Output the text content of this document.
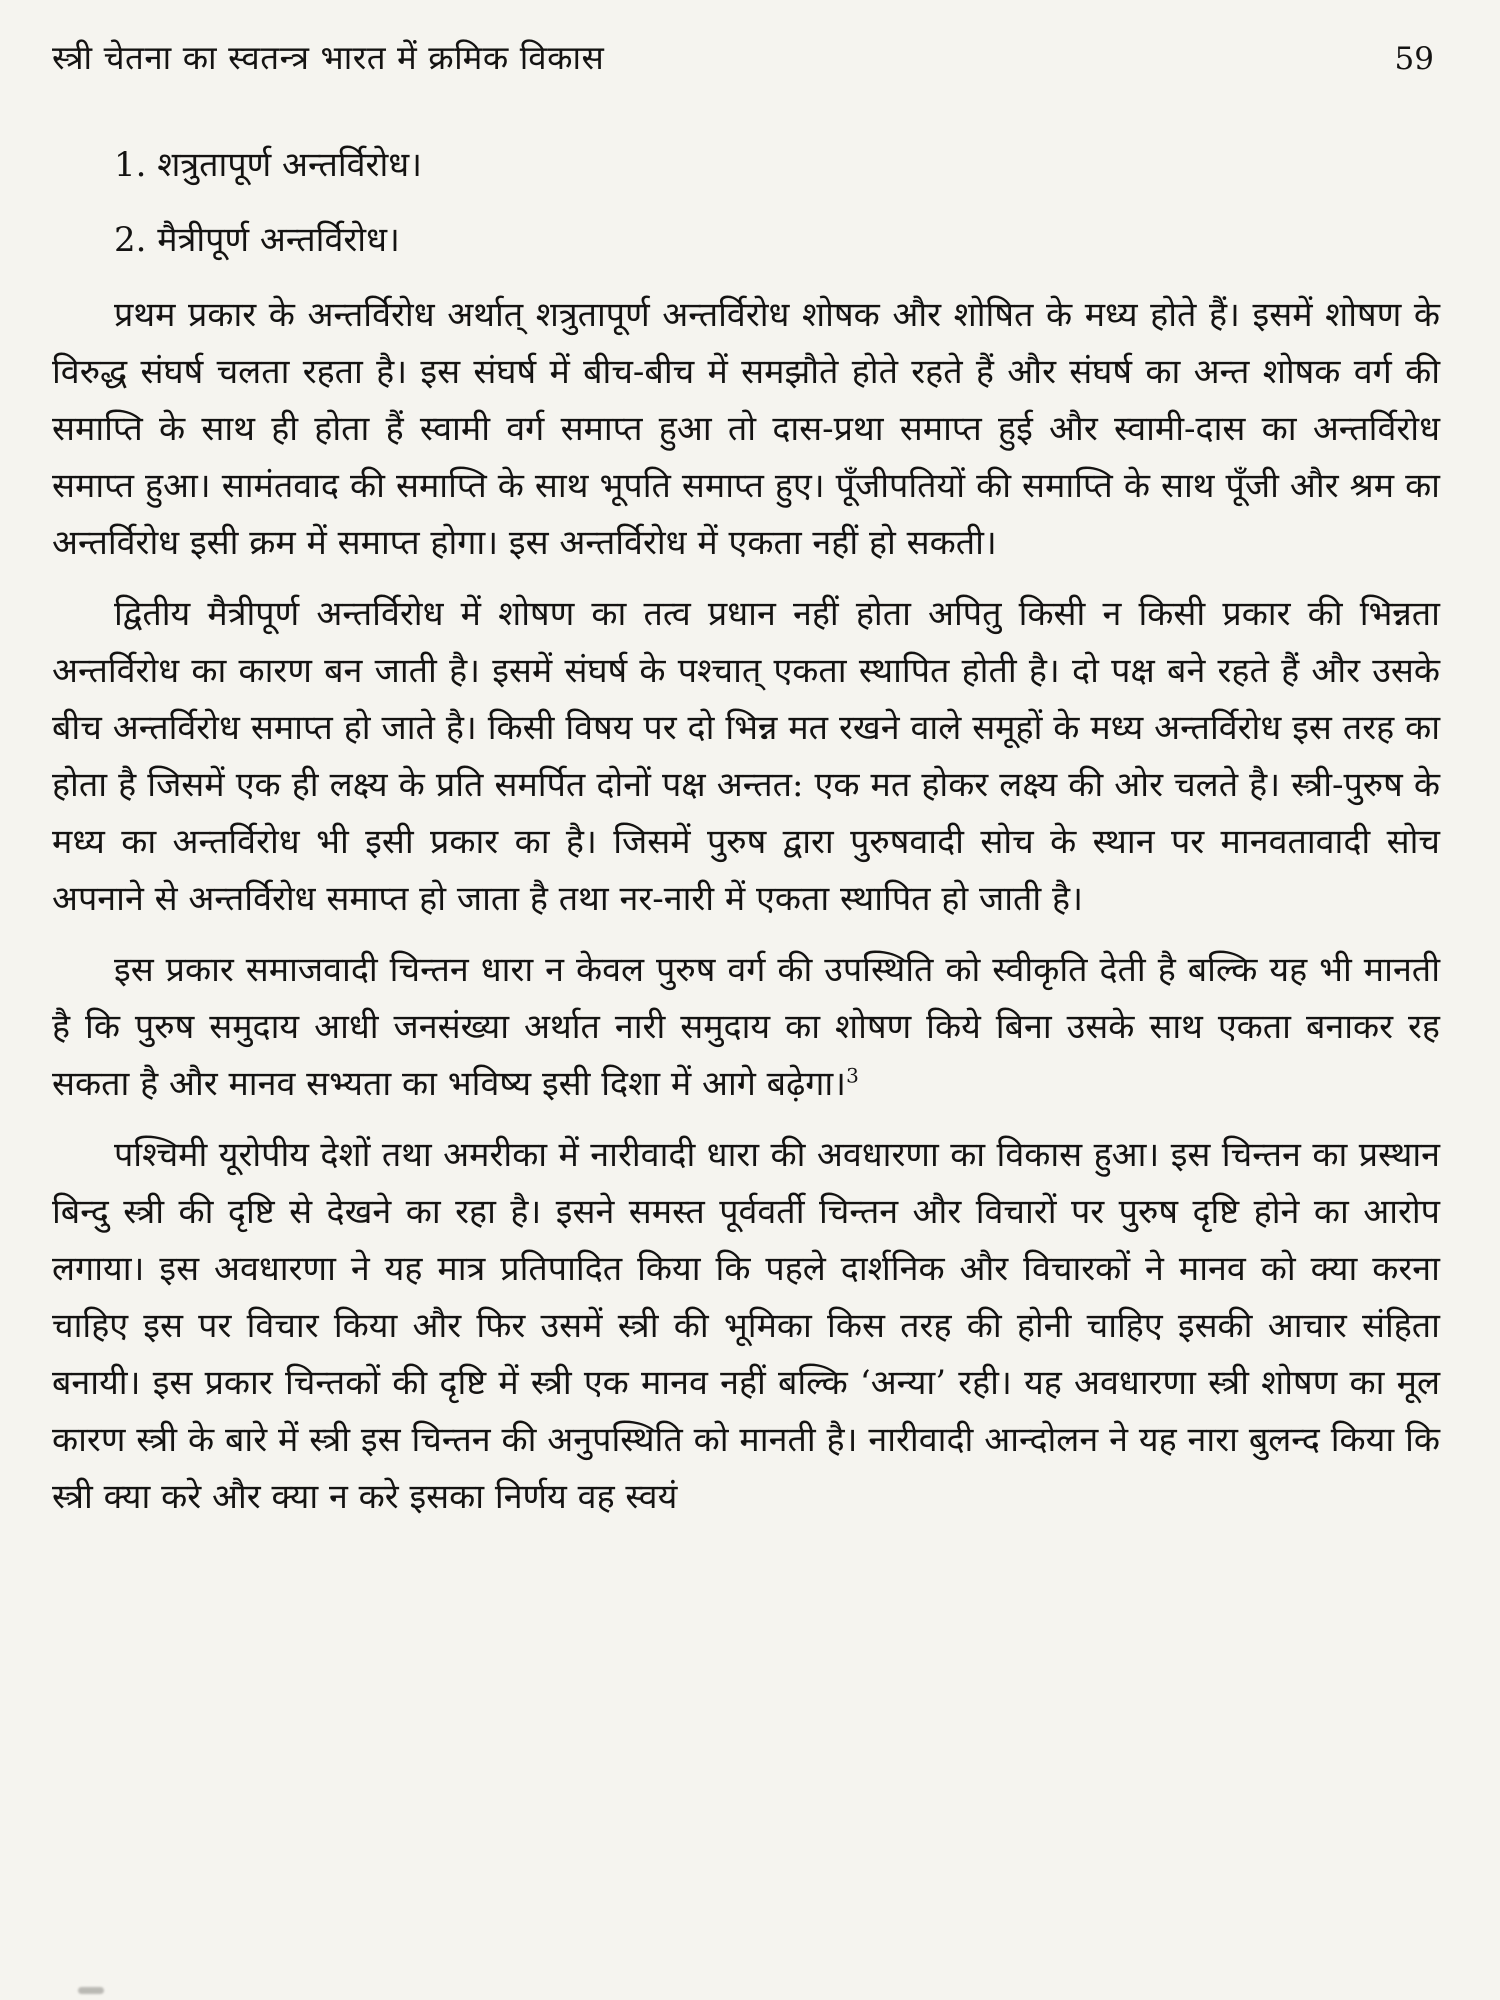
स्त्री चेतना का स्वतन्त्र भारत में क्रमिक विकास	59

1. शत्रुतापूर्ण अन्तर्विरोध।

2. मैत्रीपूर्ण अन्तर्विरोध।

प्रथम प्रकार के अन्तर्विरोध अर्थात् शत्रुतापूर्ण अन्तर्विरोध शोषक और शोषित के मध्य होते हैं। इसमें शोषण के विरुद्ध संघर्ष चलता रहता है। इस संघर्ष में बीच-बीच में समझौते होते रहते हैं और संघर्ष का अन्त शोषक वर्ग की समाप्ति के साथ ही होता हैं स्वामी वर्ग समाप्त हुआ तो दास-प्रथा समाप्त हुई और स्वामी-दास का अन्तर्विरोध समाप्त हुआ। सामंतवाद की समाप्ति के साथ भूपति समाप्त हुए। पूँजीपतियों की समाप्ति के साथ पूँजी और श्रम का अन्तर्विरोध इसी क्रम में समाप्त होगा। इस अन्तर्विरोध में एकता नहीं हो सकती।

द्वितीय मैत्रीपूर्ण अन्तर्विरोध में शोषण का तत्व प्रधान नहीं होता अपितु किसी न किसी प्रकार की भिन्नता अन्तर्विरोध का कारण बन जाती है। इसमें संघर्ष के पश्चात् एकता स्थापित होती है। दो पक्ष बने रहते हैं और उसके बीच अन्तर्विरोध समाप्त हो जाते है। किसी विषय पर दो भिन्न मत रखने वाले समूहों के मध्य अन्तर्विरोध इस तरह का होता है जिसमें एक ही लक्ष्य के प्रति समर्पित दोनों पक्ष अन्तत: एक मत होकर लक्ष्य की ओर चलते है। स्त्री-पुरुष के मध्य का अन्तर्विरोध भी इसी प्रकार का है। जिसमें पुरुष द्वारा पुरुषवादी सोच के स्थान पर मानवतावादी सोच अपनाने से अन्तर्विरोध समाप्त हो जाता है तथा नर-नारी में एकता स्थापित हो जाती है।

इस प्रकार समाजवादी चिन्तन धारा न केवल पुरुष वर्ग की उपस्थिति को स्वीकृति देती है बल्कि यह भी मानती है कि पुरुष समुदाय आधी जनसंख्या अर्थात नारी समुदाय का शोषण किये बिना उसके साथ एकता बनाकर रह सकता है और मानव सभ्यता का भविष्य इसी दिशा में आगे बढ़ेगा।$^3$

पश्चिमी यूरोपीय देशों तथा अमरीका में नारीवादी धारा की अवधारणा का विकास हुआ। इस चिन्तन का प्रस्थान बिन्दु स्त्री की दृष्टि से देखने का रहा है। इसने समस्त पूर्ववर्ती चिन्तन और विचारों पर पुरुष दृष्टि होने का आरोप लगाया। इस अवधारणा ने यह मात्र प्रतिपादित किया कि पहले दार्शनिक और विचारकों ने मानव को क्या करना चाहिए इस पर विचार किया और फिर उसमें स्त्री की भूमिका किस तरह की होनी चाहिए इसकी आचार संहिता बनायी। इस प्रकार चिन्तकों की दृष्टि में स्त्री एक मानव नहीं बल्कि ‘अन्या’ रही। यह अवधारणा स्त्री शोषण का मूल कारण स्त्री के बारे में स्त्री इस चिन्तन की अनुपस्थिति को मानती है। नारीवादी आन्दोलन ने यह नारा बुलन्द किया कि स्त्री क्या करे और क्या न करे इसका निर्णय वह स्वयं
